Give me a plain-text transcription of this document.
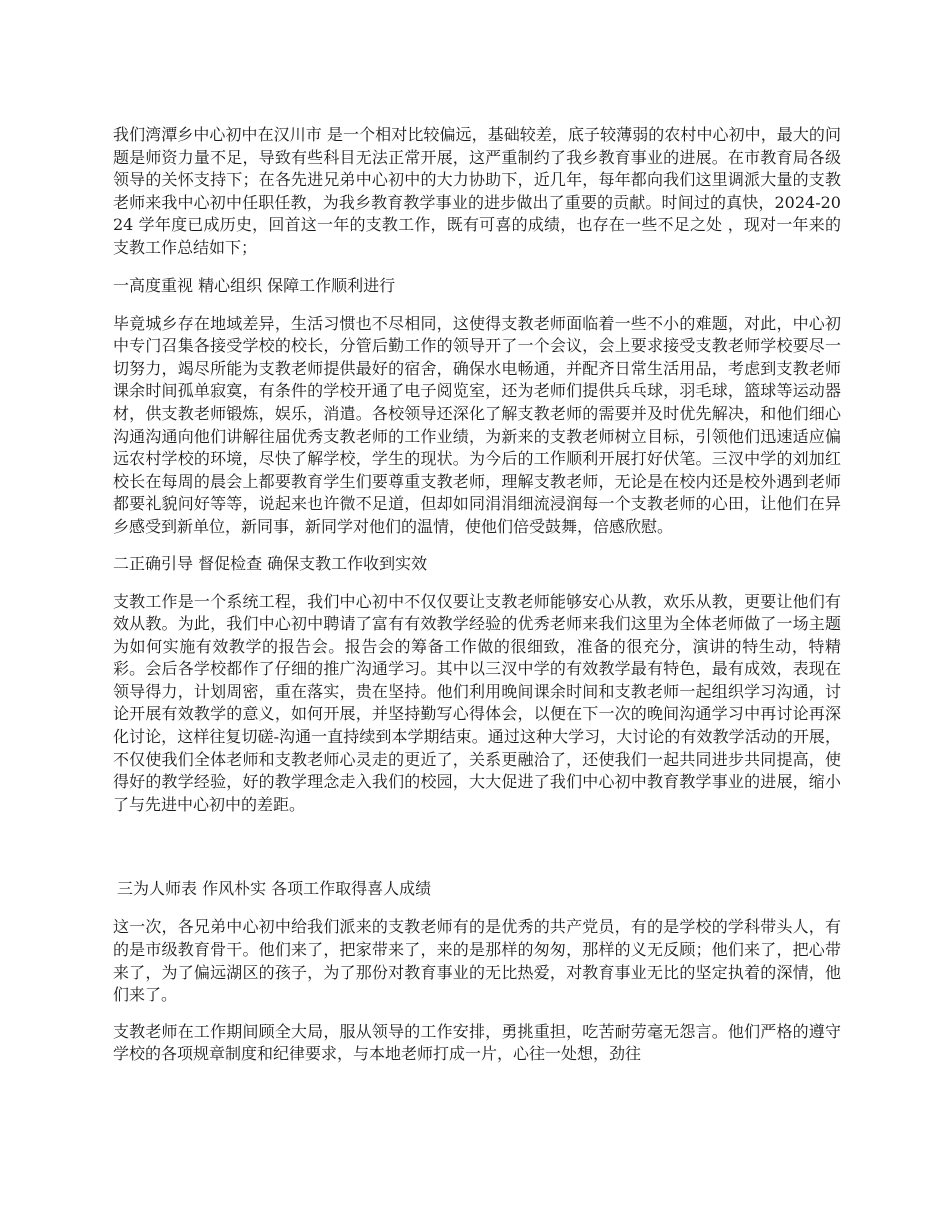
我们湾潭乡中心初中在汉川市 是一个相对比较偏远，基础较差，底子较薄弱的农村中心初中，最大的问题是师资力量不足，导致有些科目无法正常开展，这严重制约了我乡教育事业的进展。在市教育局各级领导的关怀支持下；在各先进兄弟中心初中的大力协助下，近几年，每年都向我们这里调派大量的支教老师来我中心初中任职任教，为我乡教育教学事业的进步做出了重要的贡献。时间过的真快，2024-2024 学年度已成历史，回首这一年的支教工作，既有可喜的成绩，也存在一些不足之处 ，现对一年来的支教工作总结如下；

一高度重视 精心组织 保障工作顺利进行

毕竟城乡存在地域差异，生活习惯也不尽相同，这使得支教老师面临着一些不小的难题，对此，中心初中专门召集各接受学校的校长，分管后勤工作的领导开了一个会议，会上要求接受支教老师学校要尽一切努力，竭尽所能为支教老师提供最好的宿舍，确保水电畅通，并配齐日常生活用品，考虑到支教老师课余时间孤单寂寞，有条件的学校开通了电子阅览室，还为老师们提供兵乓球，羽毛球，篮球等运动器材，供支教老师锻炼，娱乐，消遣。各校领导还深化了解支教老师的需要并及时优先解决，和他们细心沟通沟通向他们讲解往届优秀支教老师的工作业绩，为新来的支教老师树立目标，引领他们迅速适应偏远农村学校的环境，尽快了解学校，学生的现状。为今后的工作顺利开展打好伏笔。三汊中学的刘加红校长在每周的晨会上都要教育学生们要尊重支教老师，理解支教老师，无论是在校内还是校外遇到老师都要礼貌问好等等，说起来也许微不足道，但却如同涓涓细流浸润每一个支教老师的心田，让他们在异乡感受到新单位，新同事，新同学对他们的温情，使他们倍受鼓舞，倍感欣慰。

二正确引导 督促检查 确保支教工作收到实效

支教工作是一个系统工程，我们中心初中不仅仅要让支教老师能够安心从教，欢乐从教，更要让他们有效从教。为此，我们中心初中聘请了富有有效教学经验的优秀老师来我们这里为全体老师做了一场主题为如何实施有效教学的报告会。报告会的筹备工作做的很细致，准备的很充分，演讲的特生动，特精彩。会后各学校都作了仔细的推广沟通学习。其中以三汊中学的有效教学最有特色，最有成效，表现在领导得力，计划周密，重在落实，贵在坚持。他们利用晚间课余时间和支教老师一起组织学习沟通，讨论开展有效教学的意义，如何开展，并坚持勤写心得体会，以便在下一次的晚间沟通学习中再讨论再深化讨论，这样往复切磋-沟通一直持续到本学期结束。通过这种大学习，大讨论的有效教学活动的开展，不仅使我们全体老师和支教老师心灵走的更近了，关系更融洽了，还使我们一起共同进步共同提高，使得好的教学经验，好的教学理念走入我们的校园，大大促进了我们中心初中教育教学事业的进展，缩小了与先进中心初中的差距。

三为人师表 作风朴实 各项工作取得喜人成绩

这一次，各兄弟中心初中给我们派来的支教老师有的是优秀的共产党员，有的是学校的学科带头人，有的是市级教育骨干。他们来了，把家带来了，来的是那样的匆匆，那样的义无反顾；他们来了，把心带来了，为了偏远湖区的孩子，为了那份对教育事业的无比热爱，对教育事业无比的坚定执着的深情，他们来了。

支教老师在工作期间顾全大局，服从领导的工作安排，勇挑重担，吃苦耐劳毫无怨言。他们严格的遵守学校的各项规章制度和纪律要求，与本地老师打成一片，心往一处想，劲往
